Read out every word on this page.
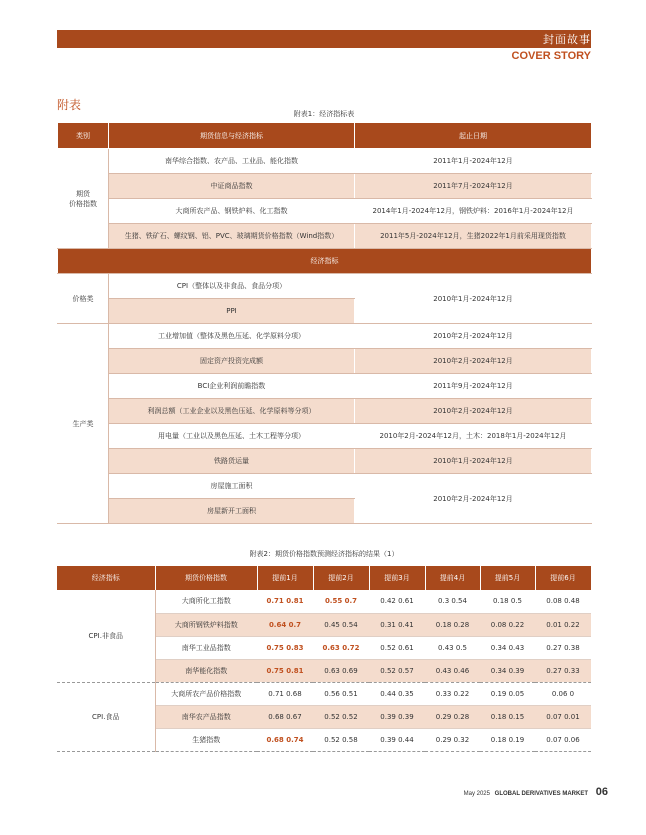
封面故事
COVER STORY
附表
附表1：经济指标表
类别	期货信息与经济指标	起止日期
期货
价格指数	南华综合指数、农产品、工业品、能化指数	2011年1月-2024年12月
	中证商品指数	2011年7月-2024年12月
	大商所农产品、钢铁炉料、化工指数	2014年1月-2024年12月，钢铁炉料：2016年1月-2024年12月
	生猪、铁矿石、螺纹钢、铝、PVC、玻璃期货价格指数（Wind指数）	2011年5月-2024年12月，生猪2022年1月前采用现货指数
经济指标		
价格类	CPI（整体以及非食品、食品分项）	2010年1月-2024年12月
	PPI	
生产类	工业增加值（整体及黑色压延、化学原料分项）	2010年2月-2024年12月
	固定资产投资完成额	2010年2月-2024年12月
	BCI企业利润前瞻指数	2011年9月-2024年12月
	利润总额（工业企业以及黑色压延、化学原料等分项）	2010年2月-2024年12月
	用电量（工业以及黑色压延、土木工程等分项）	2010年2月-2024年12月，土木：2018年1月-2024年12月
	铁路货运量	2010年1月-2024年12月
	房屋施工面积	2010年2月-2024年12月
	房屋新开工面积	
附表2：期货价格指数预测经济指标的结果（1）
经济指标	期货价格指数	提前1月	提前2月	提前3月	提前4月	提前5月	提前6月
CPI.非食品	大商所化工指数	0.71 0.81	0.55 0.7	0.42 0.61	0.3 0.54	0.18 0.5	0.08 0.48
	大商所钢铁炉料指数	0.64 0.7	0.45 0.54	0.31 0.41	0.18 0.28	0.08 0.22	0.01 0.22
	南华工业品指数	0.75 0.83	0.63 0.72	0.52 0.61	0.43 0.5	0.34 0.43	0.27 0.38
	南华能化指数	0.75 0.81	0.63 0.69	0.52 0.57	0.43 0.46	0.34 0.39	0.27 0.33
CPI.食品	大商所农产品价格指数	0.71 0.68	0.56 0.51	0.44 0.35	0.33 0.22	0.19 0.05	0.06 0
	南华农产品指数	0.68 0.67	0.52 0.52	0.39 0.39	0.29 0.28	0.18 0.15	0.07 0.01
	生猪指数	0.68 0.74	0.52 0.58	0.39 0.44	0.29 0.32	0.18 0.19	0.07 0.06
May 2025 GLOBAL DERIVATIVES MARKET 06
